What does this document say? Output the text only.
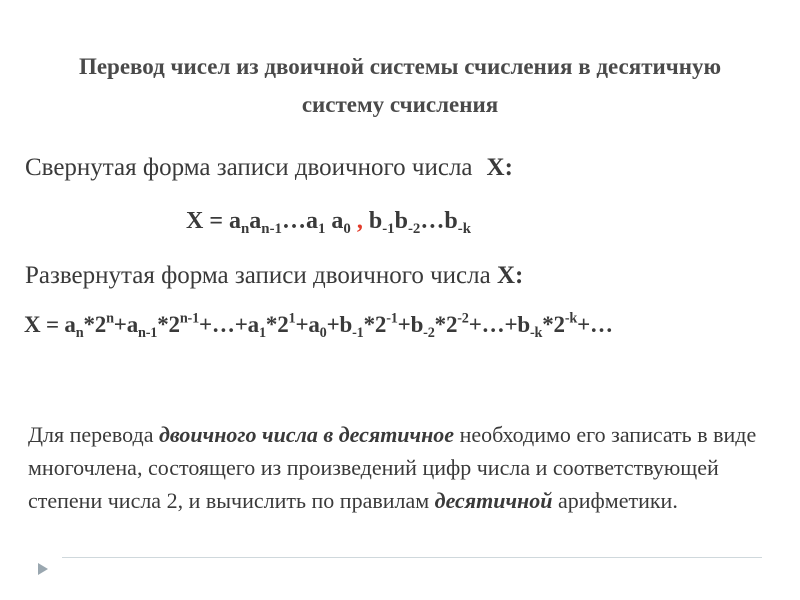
Перевод чисел из двоичной системы счисления в десятичную систему счисления
Свернутая форма записи двоичного числа X:
$X = a_na_{n-1}\dots a_1$ $a_0$ , $b_{-1}b_{-2}\dots b_{-k}$
Развернутая форма записи двоичного числа X:
$X = a_n*2^n+a_{n-1}*2^{n-1}+\dots+a_1*2^1+a_0+b_{-1}*2^{-1}+b_{-2}*2^{-2}+\dots+b_{-k}*2^{-k}+\dots$
Для перевода двоичного числа в десятичное необходимо его записать в виде многочлена, состоящего из произведений цифр числа и соответствующей степени числа 2, и вычислить по правилам десятичной арифметики.
